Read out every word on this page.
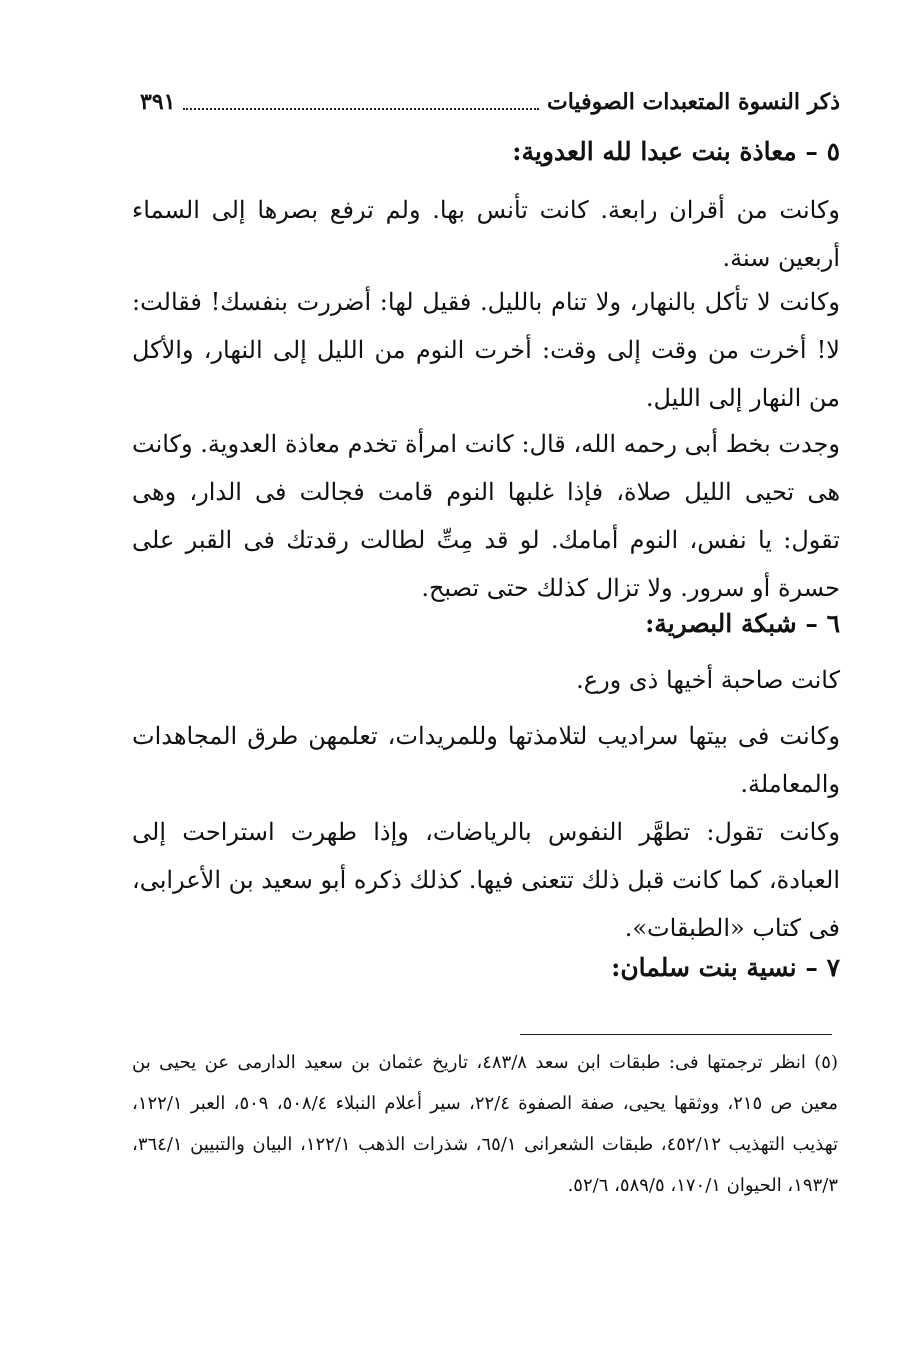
ذكر النسوة المتعبدات الصوفيات
٣٩١
٥ – معاذة بنت عبدا لله العدوية:
وكانت من أقران رابعة. كانت تأنس بها. ولم ترفع بصرها إلى السماء أربعين سنة.
وكانت لا تأكل بالنهار، ولا تنام بالليل. فقيل لها: أضررت بنفسك! فقالت: لا! أخرت من وقت إلى وقت: أخرت النوم من الليل إلى النهار، والأكل من النهار إلى الليل.
وجدت بخط أبى رحمه الله، قال: كانت امرأة تخدم معاذة العدوية. وكانت هى تحيى الليل صلاة، فإذا غلبها النوم قامت فجالت فى الدار، وهى تقول: يا نفس، النوم أمامك. لو قد مِتِّ لطالت رقدتك فى القبر على حسرة أو سرور. ولا تزال كذلك حتى تصبح.
٦ – شبكة البصرية:
كانت صاحبة أخيها ذى ورع.
وكانت فى بيتها سراديب لتلامذتها وللمريدات، تعلمهن طرق المجاهدات والمعاملة.
وكانت تقول: تطهَّر النفوس بالرياضات، وإذا طهرت استراحت إلى العبادة، كما كانت قبل ذلك تتعنى فيها. كذلك ذكره أبو سعيد بن الأعرابى، فى كتاب «الطبقات».
٧ – نسية بنت سلمان:
(٥) انظر ترجمتها فى: طبقات ابن سعد ٤٨٣/٨، تاريخ عثمان بن سعيد الدارمى عن يحيى بن معين ص ٢١٥، ووثقها يحيى، صفة الصفوة ٢٢/٤، سير أعلام النبلاء ٥٠٨/٤، ٥٠٩، العبر ١٢٢/١، تهذيب التهذيب ٤٥٢/١٢، طبقات الشعرانى ٦٥/١، شذرات الذهب ١٢٢/١، البيان والتبيين ٣٦٤/١، ١٩٣/٣، الحيوان ١٧٠/١، ٥٨٩/٥، ٥٢/٦.
